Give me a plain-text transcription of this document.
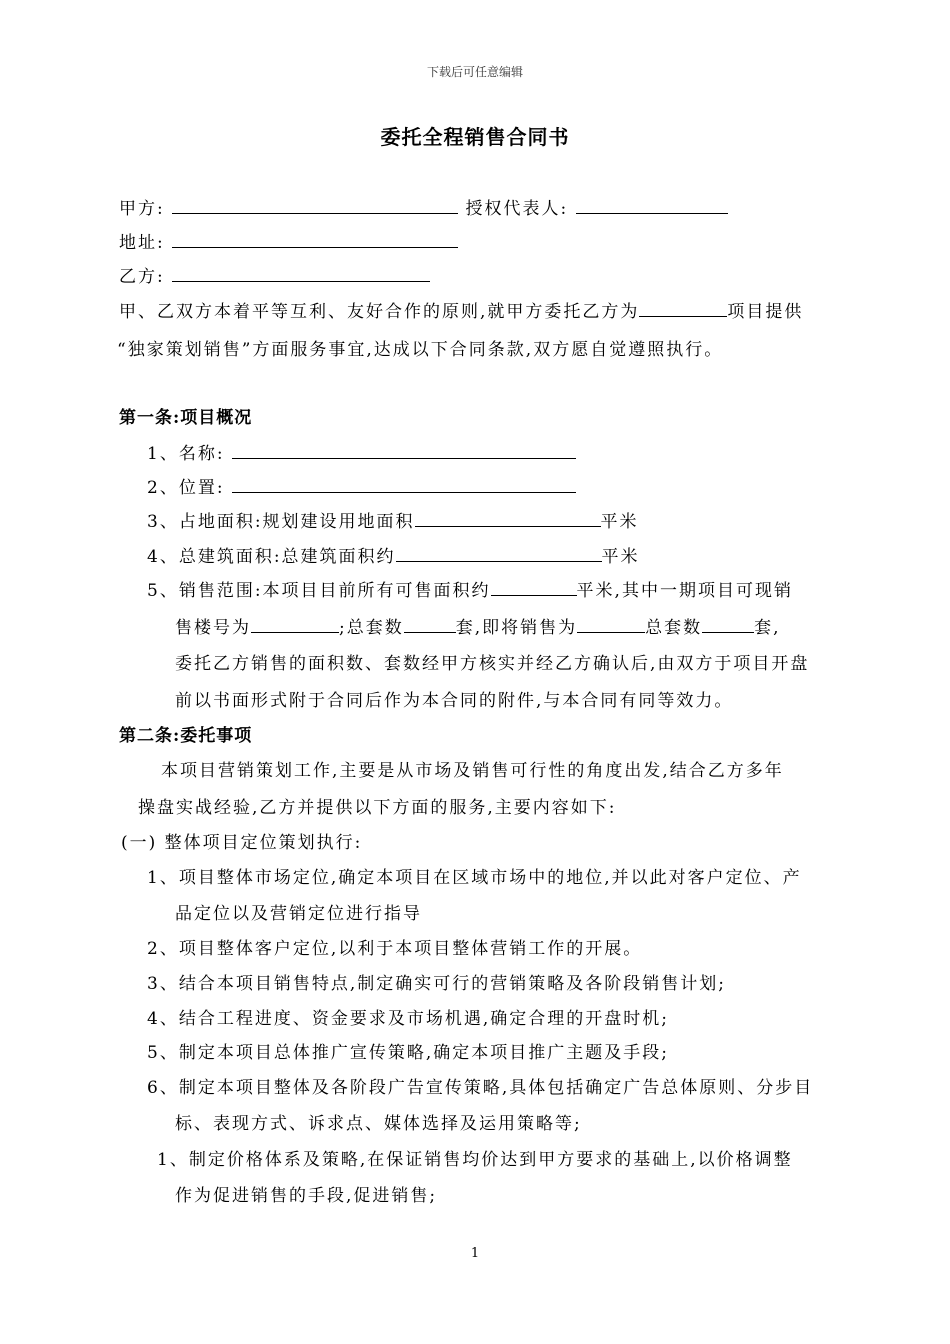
下载后可任意编辑
委托全程销售合同书
甲方:	授权代表人:
地址:
乙方:
甲、乙双方本着平等互利、友好合作的原则,就甲方委托乙方为	项目提供
“独家策划销售”方面服务事宜,达成以下合同条款,双方愿自觉遵照执行。
第一条:项目概况
1、名称:
2、位置:
3、占地面积:规划建设用地面积	平米
4、总建筑面积:总建筑面积约	平米
5、销售范围:本项目目前所有可售面积约	平米,其中一期项目可现销
售楼号为	;总套数	套,即将销售为	总套数	套,
委托乙方销售的面积数、套数经甲方核实并经乙方确认后,由双方于项目开盘
前以书面形式附于合同后作为本合同的附件,与本合同有同等效力。
第二条:委托事项
本项目营销策划工作,主要是从市场及销售可行性的角度出发,结合乙方多年
操盘实战经验,乙方并提供以下方面的服务,主要内容如下:
(一) 整体项目定位策划执行:
1、项目整体市场定位,确定本项目在区域市场中的地位,并以此对客户定位、产
品定位以及营销定位进行指导
2、项目整体客户定位,以利于本项目整体营销工作的开展。
3、结合本项目销售特点,制定确实可行的营销策略及各阶段销售计划;
4、结合工程进度、资金要求及市场机遇,确定合理的开盘时机;
5、制定本项目总体推广宣传策略,确定本项目推广主题及手段;
6、制定本项目整体及各阶段广告宣传策略,具体包括确定广告总体原则、分步目
标、表现方式、诉求点、媒体选择及运用策略等;
1、制定价格体系及策略,在保证销售均价达到甲方要求的基础上,以价格调整
作为促进销售的手段,促进销售;
1
